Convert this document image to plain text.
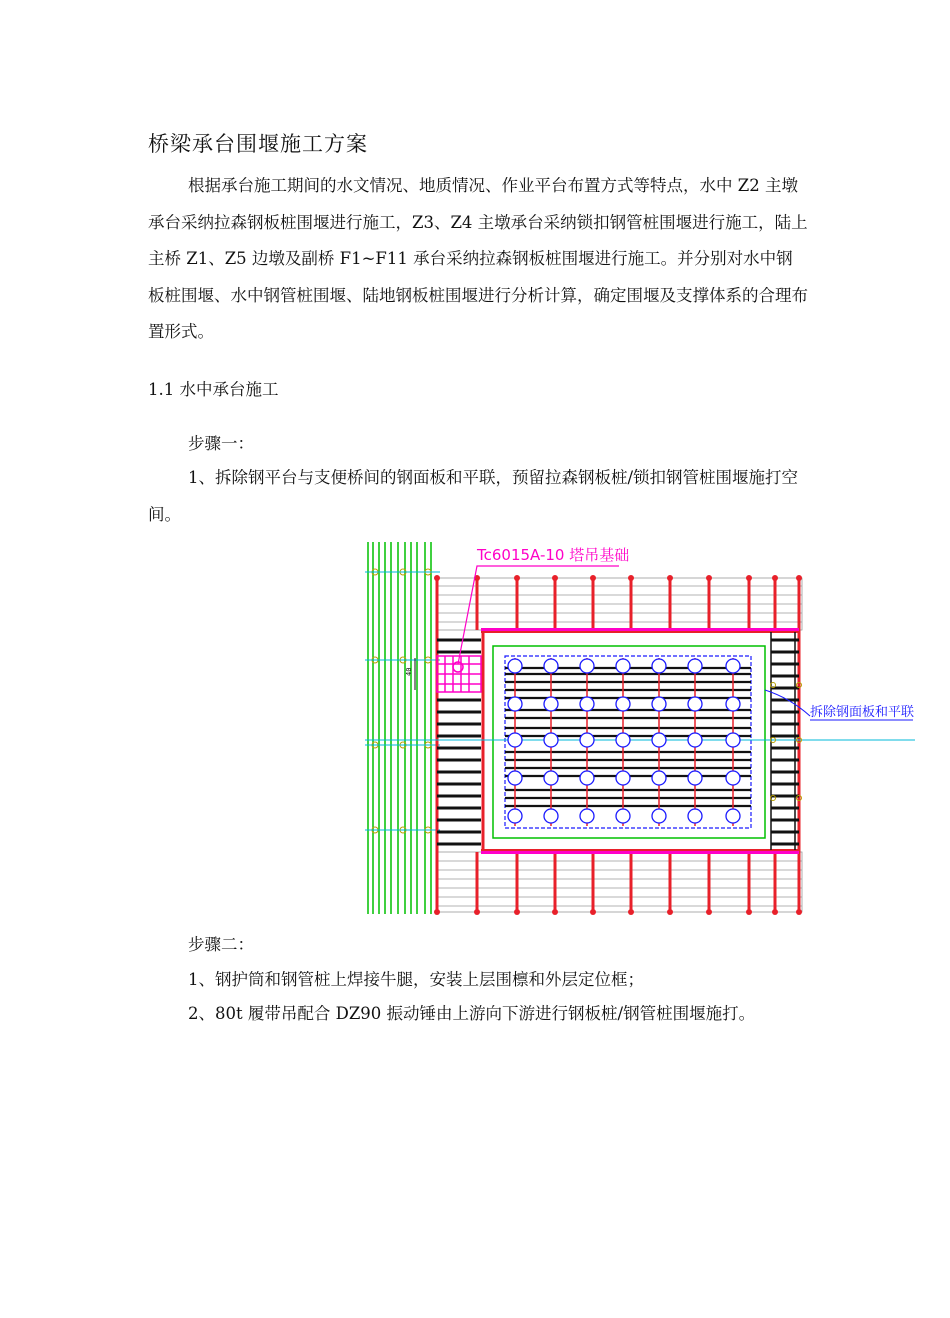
桥梁承台围堰施工方案

根据承台施工期间的水文情况、地质情况、作业平台布置方式等特点，水中 Z2 主墩承台采纳拉森钢板桩围堰进行施工，Z3、Z4 主墩承台采纳锁扣钢管桩围堰进行施工，陆上主桥 Z1、Z5 边墩及副桥 F1~F11 承台采纳拉森钢板桩围堰进行施工。并分别对水中钢板桩围堰、水中钢管桩围堰、陆地钢板桩围堰进行分析计算，确定围堰及支撑体系的合理布置形式。

1.1 水中承台施工
步骤一：

1、拆除钢平台与支便桥间的钢面板和平联，预留拉森钢板桩/锁扣钢管桩围堰施打空间。

40
Tc6015A-10 塔吊基础
拆除钢面板和平联
步骤二：
1、钢护筒和钢管桩上焊接牛腿，安装上层围檩和外层定位框；
2、80t 履带吊配合 DZ90 振动锤由上游向下游进行钢板桩/钢管桩围堰施打。
